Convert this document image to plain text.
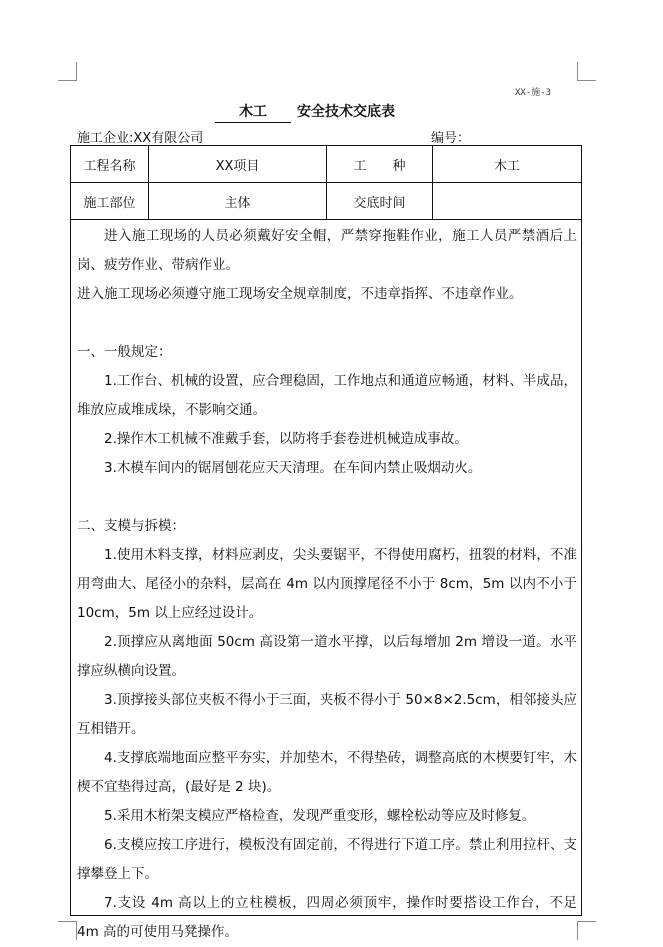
XX-施-3
木工 安全技术交底表
施工企业:XX有限公司	编号：
工程名称	XX项目	工　　种	木工
施工部位	主体	交底时间

进入施工现场的人员必须戴好安全帽，严禁穿拖鞋作业，施工人员严禁酒后上岗、疲劳作业、带病作业。

进入施工现场必须遵守施工现场安全规章制度，不违章指挥、不违章作业。

一、一般规定：

1.工作台、机械的设置，应合理稳固，工作地点和通道应畅通，材料、半成品，堆放应成堆成垛，不影响交通。

2.操作木工机械不准戴手套，以防将手套卷进机械造成事故。

3.木模车间内的锯屑刨花应天天清理。在车间内禁止吸烟动火。

二、支模与拆模：

1.使用木料支撑，材料应剥皮，尖头要锯平，不得使用腐朽，扭裂的材料，不准用弯曲大、尾径小的杂料，层高在 4m 以内顶撑尾径不小于 8cm，5m 以内不小于 10cm，5m 以上应经过设计。

2.顶撑应从离地面 50cm 高设第一道水平撑，以后每增加 2m 增设一道。水平撑应纵横向设置。

3.顶撑接头部位夹板不得小于三面，夹板不得小于 50×8×2.5cm，相邻接头应互相错开。

4.支撑底端地面应整平夯实，并加垫木，不得垫砖，调整高底的木楔要钉牢，木楔不宜垫得过高，(最好是 2 块)。

5.采用木桁架支模应严格检查，发现严重变形，螺栓松动等应及时修复。

6.支模应按工序进行，模板没有固定前，不得进行下道工序。禁止利用拉杆、支撑攀登上下。

7.支设 4m 高以上的立柱模板，四周必须顶牢，操作时要搭设工作台，不足 4m 高的可使用马凳操作。
